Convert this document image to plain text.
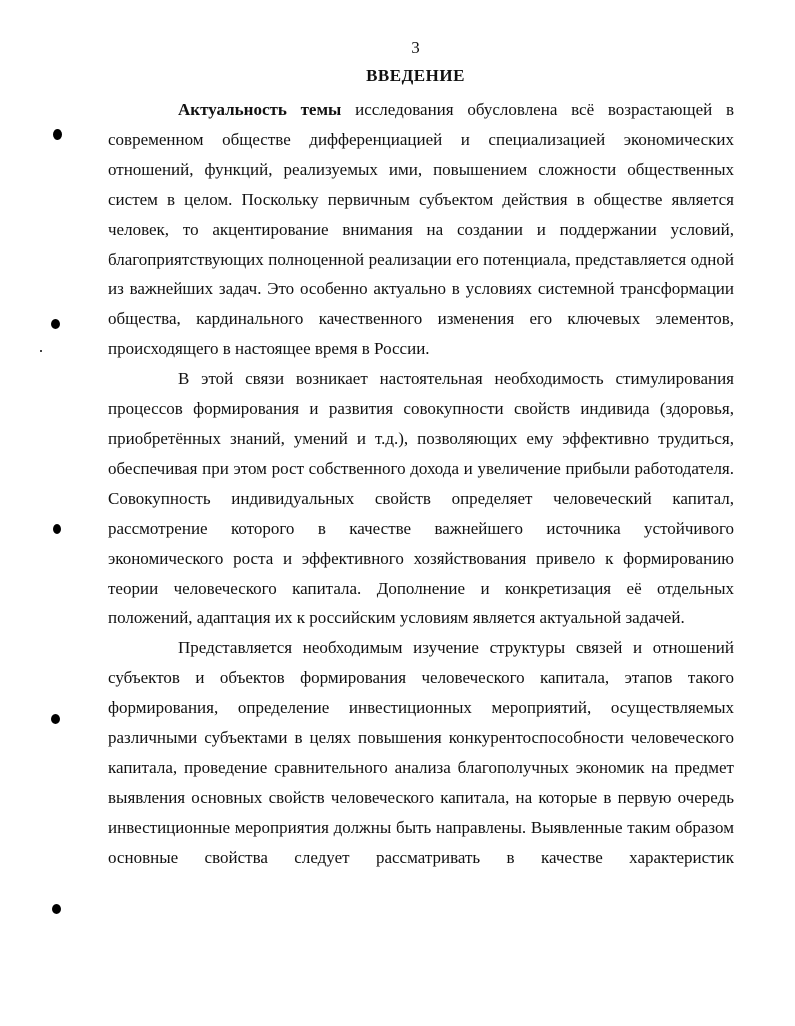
3
ВВЕДЕНИЕ

Актуальность темы исследования обусловлена всё возрастающей в современном обществе дифференциацией и специализацией экономических отношений, функций, реализуемых ими, повышением сложности общественных систем в целом. Поскольку первичным субъектом действия в обществе является человек, то акцентирование внимания на создании и поддержании условий, благоприятствующих полноценной реализации его потенциала, представляется одной из важнейших задач. Это особенно актуально в условиях системной трансформации общества, кардинального качественного изменения его ключевых элементов, происходящего в настоящее время в России.

В этой связи возникает настоятельная необходимость стимулирования процессов формирования и развития совокупности свойств индивида (здоровья, приобретённых знаний, умений и т.д.), позволяющих ему эффективно трудиться, обеспечивая при этом рост собственного дохода и увеличение прибыли работодателя. Совокупность индивидуальных свойств определяет человеческий капитал, рассмотрение которого в качестве важнейшего источника устойчивого экономического роста и эффективного хозяйствования привело к формированию теории человеческого капитала. Дополнение и конкретизация её отдельных положений, адаптация их к российским условиям является актуальной задачей.

Представляется необходимым изучение структуры связей и отношений субъектов и объектов формирования человеческого капитала, этапов такого формирования, определение инвестиционных мероприятий, осуществляемых различными субъектами в целях повышения конкурентоспособности человеческого капитала, проведение сравнительного анализа благополучных экономик на предмет выявления основных свойств человеческого капитала, на которые в первую очередь инвестиционные мероприятия должны быть направлены. Выявленные таким образом основные свойства следует рассматривать в качестве характеристик
